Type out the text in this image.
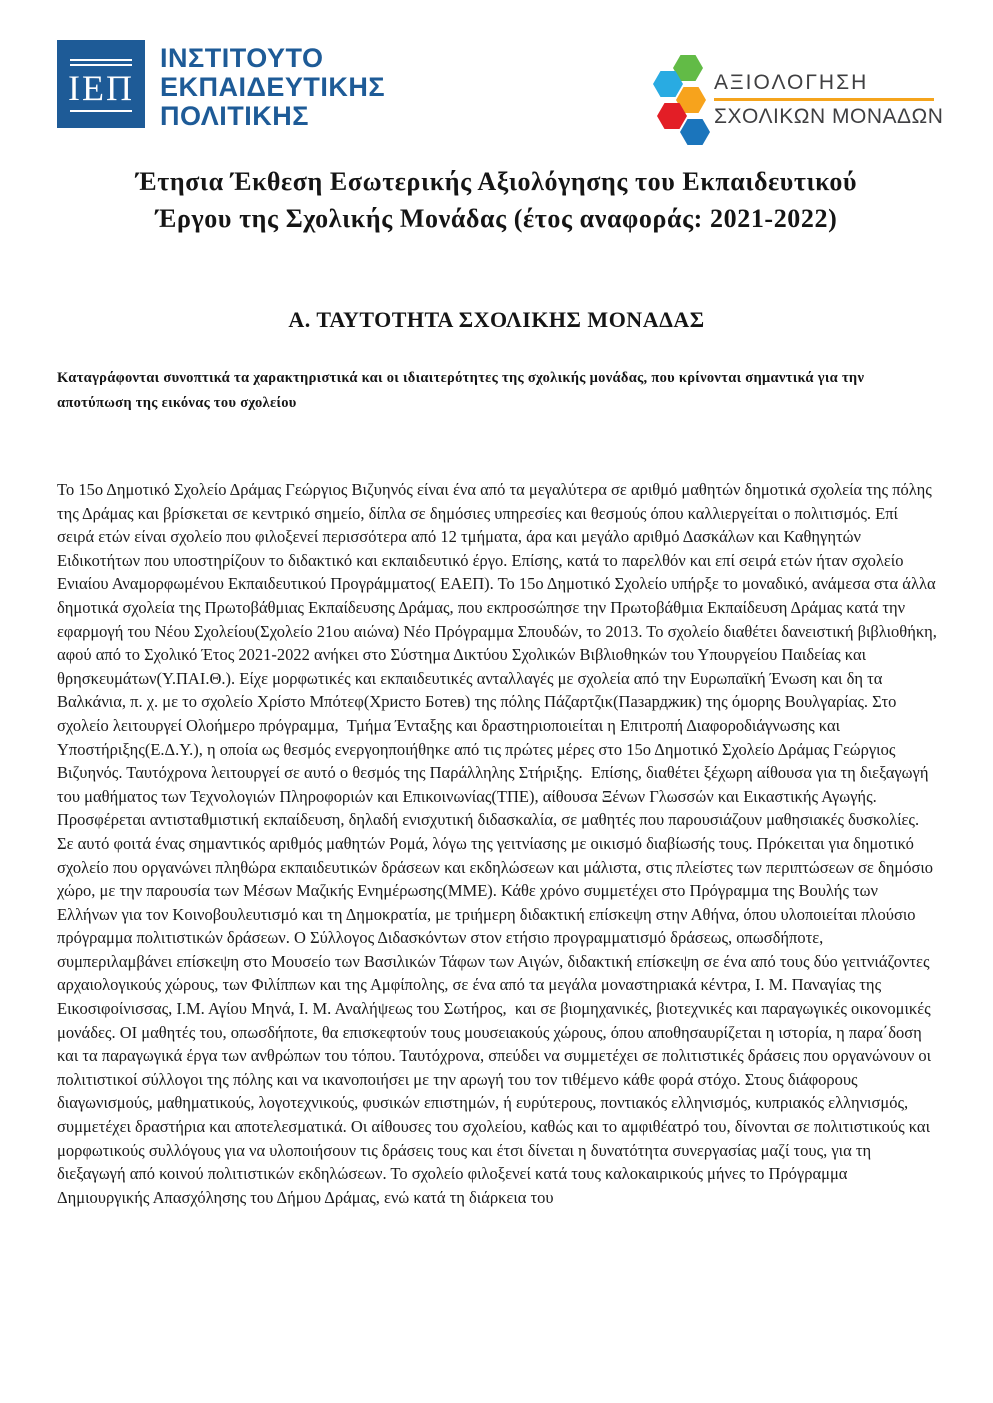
ΙΕΠ
ΙΝΣΤΙΤΟΥΤΟ
ΕΚΠΑΙΔΕΥΤΙΚΗΣ
ΠΟΛΙΤΙΚΗΣ
ΑΞΙΟΛΟΓΗΣΗ
ΣΧΟΛΙΚΩΝ ΜΟΝΑΔΩΝ
Έτησια Έκθεση Εσωτερικής Αξιολόγησης του Εκπαιδευτικού
Έργου της Σχολικής Μονάδας (έτος αναφοράς: 2021-2022)
Α. ΤΑΥΤΟΤΗΤΑ ΣΧΟΛΙΚΗΣ ΜΟΝΑΔΑΣ

Καταγράφονται συνοπτικά τα χαρακτηριστικά και οι ιδιαιτερότητες της σχολικής μονάδας, που κρίνονται σημαντικά για την αποτύπωση της εικόνας του σχολείου

Το 15ο Δημοτικό Σχολείο Δράμας Γεώργιος Βιζυηνός είναι ένα από τα μεγαλύτερα σε αριθμό μαθητών δημοτικά σχολεία της πόλης της Δράμας και βρίσκεται σε κεντρικό σημείο, δίπλα σε δημόσιες υπηρεσίες και θεσμούς όπου καλλιεργείται ο πολιτισμός. Επί σειρά ετών είναι σχολείο που φιλοξενεί περισσότερα από 12 τμήματα, άρα και μεγάλο αριθμό Δασκάλων και Καθηγητών Ειδικοτήτων που υποστηρίζουν το διδακτικό και εκπαιδευτικό έργο. Επίσης, κατά το παρελθόν και επί σειρά ετών ήταν σχολείο Ενιαίου Αναμορφωμένου Εκπαιδευτικού Προγράμματος( ΕΑΕΠ). Το 15ο Δημοτικό Σχολείο υπήρξε το μοναδικό, ανάμεσα στα άλλα δημοτικά σχολεία της Πρωτοβάθμιας Εκπαίδευσης Δράμας, που εκπροσώπησε την Πρωτοβάθμια Εκπαίδευση Δράμας κατά την εφαρμογή του Νέου Σχολείου(Σχολείο 21ου αιώνα) Νέο Πρόγραμμα Σπουδών, το 2013. Το σχολείο διαθέτει δανειστική βιβλιοθήκη, αφού από το Σχολικό Έτος 2021-2022 ανήκει στο Σύστημα Δικτύου Σχολικών Βιβλιοθηκών του Υπουργείου Παιδείας και θρησκευμάτων(Υ.ΠΑΙ.Θ.). Είχε μορφωτικές και εκπαιδευτικές ανταλλαγές με σχολεία από την Ευρωπαϊκή Ένωση και δη τα Βαλκάνια, π. χ. με το σχολείο Χρίστο Μπότεφ(Христо Ботев) της πόλης Πάζαρτζικ(Пазарджик) της όμορης Βουλγαρίας. Στο σχολείο λειτουργεί Ολοήμερο πρόγραμμα,  Τμήμα Ένταξης και δραστηριοποιείται η Επιτροπή Διαφοροδιάγνωσης και Υποστήριξης(Ε.Δ.Υ.), η οποία ως θεσμός ενεργοηποιήθηκε από τις πρώτες μέρες στο 15ο Δημοτικό Σχολείο Δράμας Γεώργιος Βιζυηνός. Ταυτόχρονα λειτουργεί σε αυτό ο θεσμός της Παράλληλης Στήριξης.  Επίσης, διαθέτει ξέχωρη αίθουσα για τη διεξαγωγή του μαθήματος των Τεχνολογιών Πληροφοριών και Επικοινωνίας(ΤΠΕ), αίθουσα Ξένων Γλωσσών και Εικαστικής Αγωγής. Προσφέρεται αντισταθμιστική εκπαίδευση, δηλαδή ενισχυτική διδασκαλία, σε μαθητές που παρουσιάζουν μαθησιακές δυσκολίες. Σε αυτό φοιτά ένας σημαντικός αριθμός μαθητών Ρομά, λόγω της γειτνίασης με οικισμό διαβίωσής τους. Πρόκειται για δημοτικό σχολείο που οργανώνει πληθώρα εκπαιδευτικών δράσεων και εκδηλώσεων και μάλιστα, στις πλείστες των περιπτώσεων σε δημόσιο χώρο, με την παρουσία των Μέσων Μαζικής Ενημέρωσης(ΜΜΕ). Κάθε χρόνο συμμετέχει στο Πρόγραμμα της Βουλής των Ελλήνων για τον Κοινοβουλευτισμό και τη Δημοκρατία, με τριήμερη διδακτική επίσκεψη στην Αθήνα, όπου υλοποιείται πλούσιο πρόγραμμα πολιτιστικών δράσεων. Ο Σύλλογος Διδασκόντων στον ετήσιο προγραμματισμό δράσεως, οπωσδήποτε, συμπεριλαμβάνει επίσκεψη στο Μουσείο των Βασιλικών Τάφων των Αιγών, διδακτική επίσκεψη σε ένα από τους δύο γειτνιάζοντες αρχαιολογικούς χώρους, των Φιλίππων και της Αμφίπολης, σε ένα από τα μεγάλα μοναστηριακά κέντρα, Ι. Μ. Παναγίας της Εικοσιφοίνισσας, Ι.Μ. Αγίου Μηνά, Ι. Μ. Αναλήψεως του Σωτήρος,  και σε βιομηχανικές, βιοτεχνικές και παραγωγικές οικονομικές μονάδες. ΟΙ μαθητές του, οπωσδήποτε, θα επισκεφτούν τους μουσειακούς χώρους, όπου αποθησαυρίζεται η ιστορία, η παρα΄δοση και τα παραγωγικά έργα των ανθρώπων του τόπου. Ταυτόχρονα, σπεύδει να συμμετέχει σε πολιτιστικές δράσεις που οργανώνουν οι πολιτιστικοί σύλλογοι της πόλης και να ικανοποιήσει με την αρωγή του τον τιθέμενο κάθε φορά στόχο. Στους διάφορους διαγωνισμούς, μαθηματικούς, λογοτεχνικούς, φυσικών επιστημών, ή ευρύτερους, ποντιακός ελληνισμός, κυπριακός ελληνισμός, συμμετέχει δραστήρια και αποτελεσματικά. Οι αίθουσες του σχολείου, καθώς και το αμφιθέατρό του, δίνονται σε πολιτιστικούς και μορφωτικούς συλλόγους για να υλοποιήσουν τις δράσεις τους και έτσι δίνεται η δυνατότητα συνεργασίας μαζί τους, για τη διεξαγωγή από κοινού πολιτιστικών εκδηλώσεων. Το σχολείο φιλοξενεί κατά τους καλοκαιρικούς μήνες το Πρόγραμμα Δημιουργικής Απασχόλησης του Δήμου Δράμας, ενώ κατά τη διάρκεια του
